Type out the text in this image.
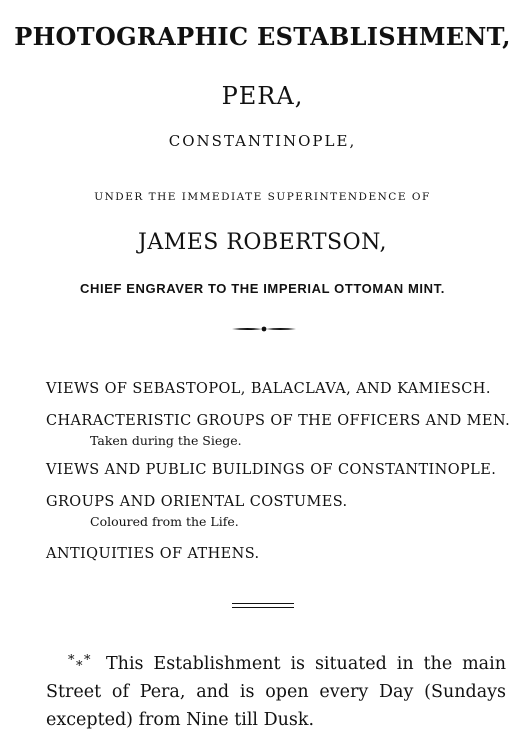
PHOTOGRAPHIC ESTABLISHMENT,
PERA,
CONSTANTINOPLE,
UNDER THE IMMEDIATE SUPERINTENDENCE OF
JAMES ROBERTSON,
CHIEF ENGRAVER TO THE IMPERIAL OTTOMAN MINT.
VIEWS OF SEBASTOPOL, BALACLAVA, AND KAMIESCH.
CHARACTERISTIC GROUPS OF THE OFFICERS AND MEN.
Taken during the Siege.
VIEWS AND PUBLIC BUILDINGS OF CONSTANTINOPLE.
GROUPS AND ORIENTAL COSTUMES.
Coloured from the Life.
ANTIQUITIES OF ATHENS.
* * * This Establishment is situated in the main
Street of Pera, and is open every Day (Sundays
excepted) from Nine till Dusk.
